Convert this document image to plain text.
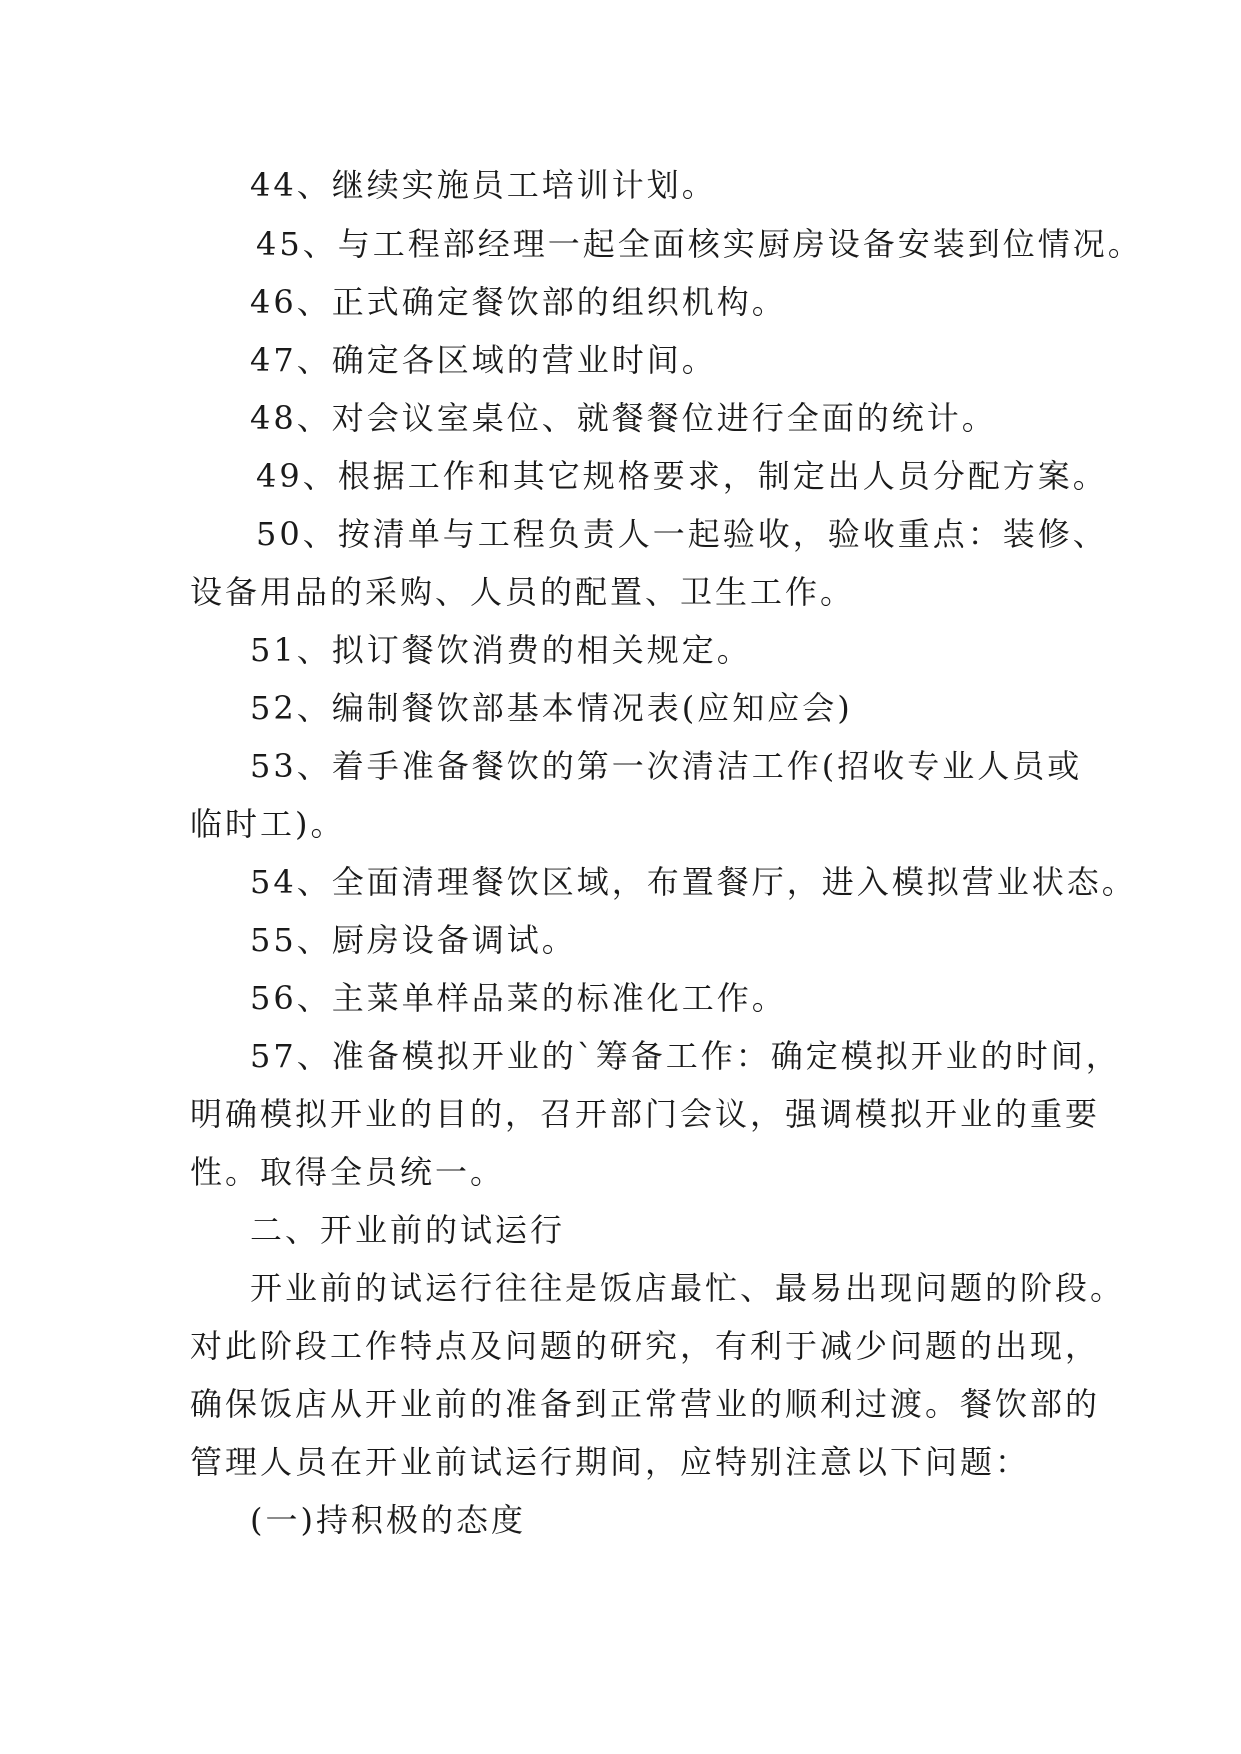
44、继续实施员工培训计划。
45、与工程部经理一起全面核实厨房设备安装到位情况。
46、正式确定餐饮部的组织机构。
47、确定各区域的营业时间。
48、对会议室桌位、就餐餐位进行全面的统计。
49、根据工作和其它规格要求，制定出人员分配方案。
50、按清单与工程负责人一起验收，验收重点：装修、
设备用品的采购、人员的配置、卫生工作。
51、拟订餐饮消费的相关规定。
52、编制餐饮部基本情况表(应知应会)
53、着手准备餐饮的第一次清洁工作(招收专业人员或
临时工)。
54、全面清理餐饮区域，布置餐厅，进入模拟营业状态。
55、厨房设备调试。
56、主菜单样品菜的标准化工作。
57、准备模拟开业的`筹备工作：确定模拟开业的时间，
明确模拟开业的目的，召开部门会议，强调模拟开业的重要
性。取得全员统一。
二、开业前的试运行
开业前的试运行往往是饭店最忙、最易出现问题的阶段。
对此阶段工作特点及问题的研究，有利于减少问题的出现，
确保饭店从开业前的准备到正常营业的顺利过渡。餐饮部的
管理人员在开业前试运行期间，应特别注意以下问题：
(一)持积极的态度
